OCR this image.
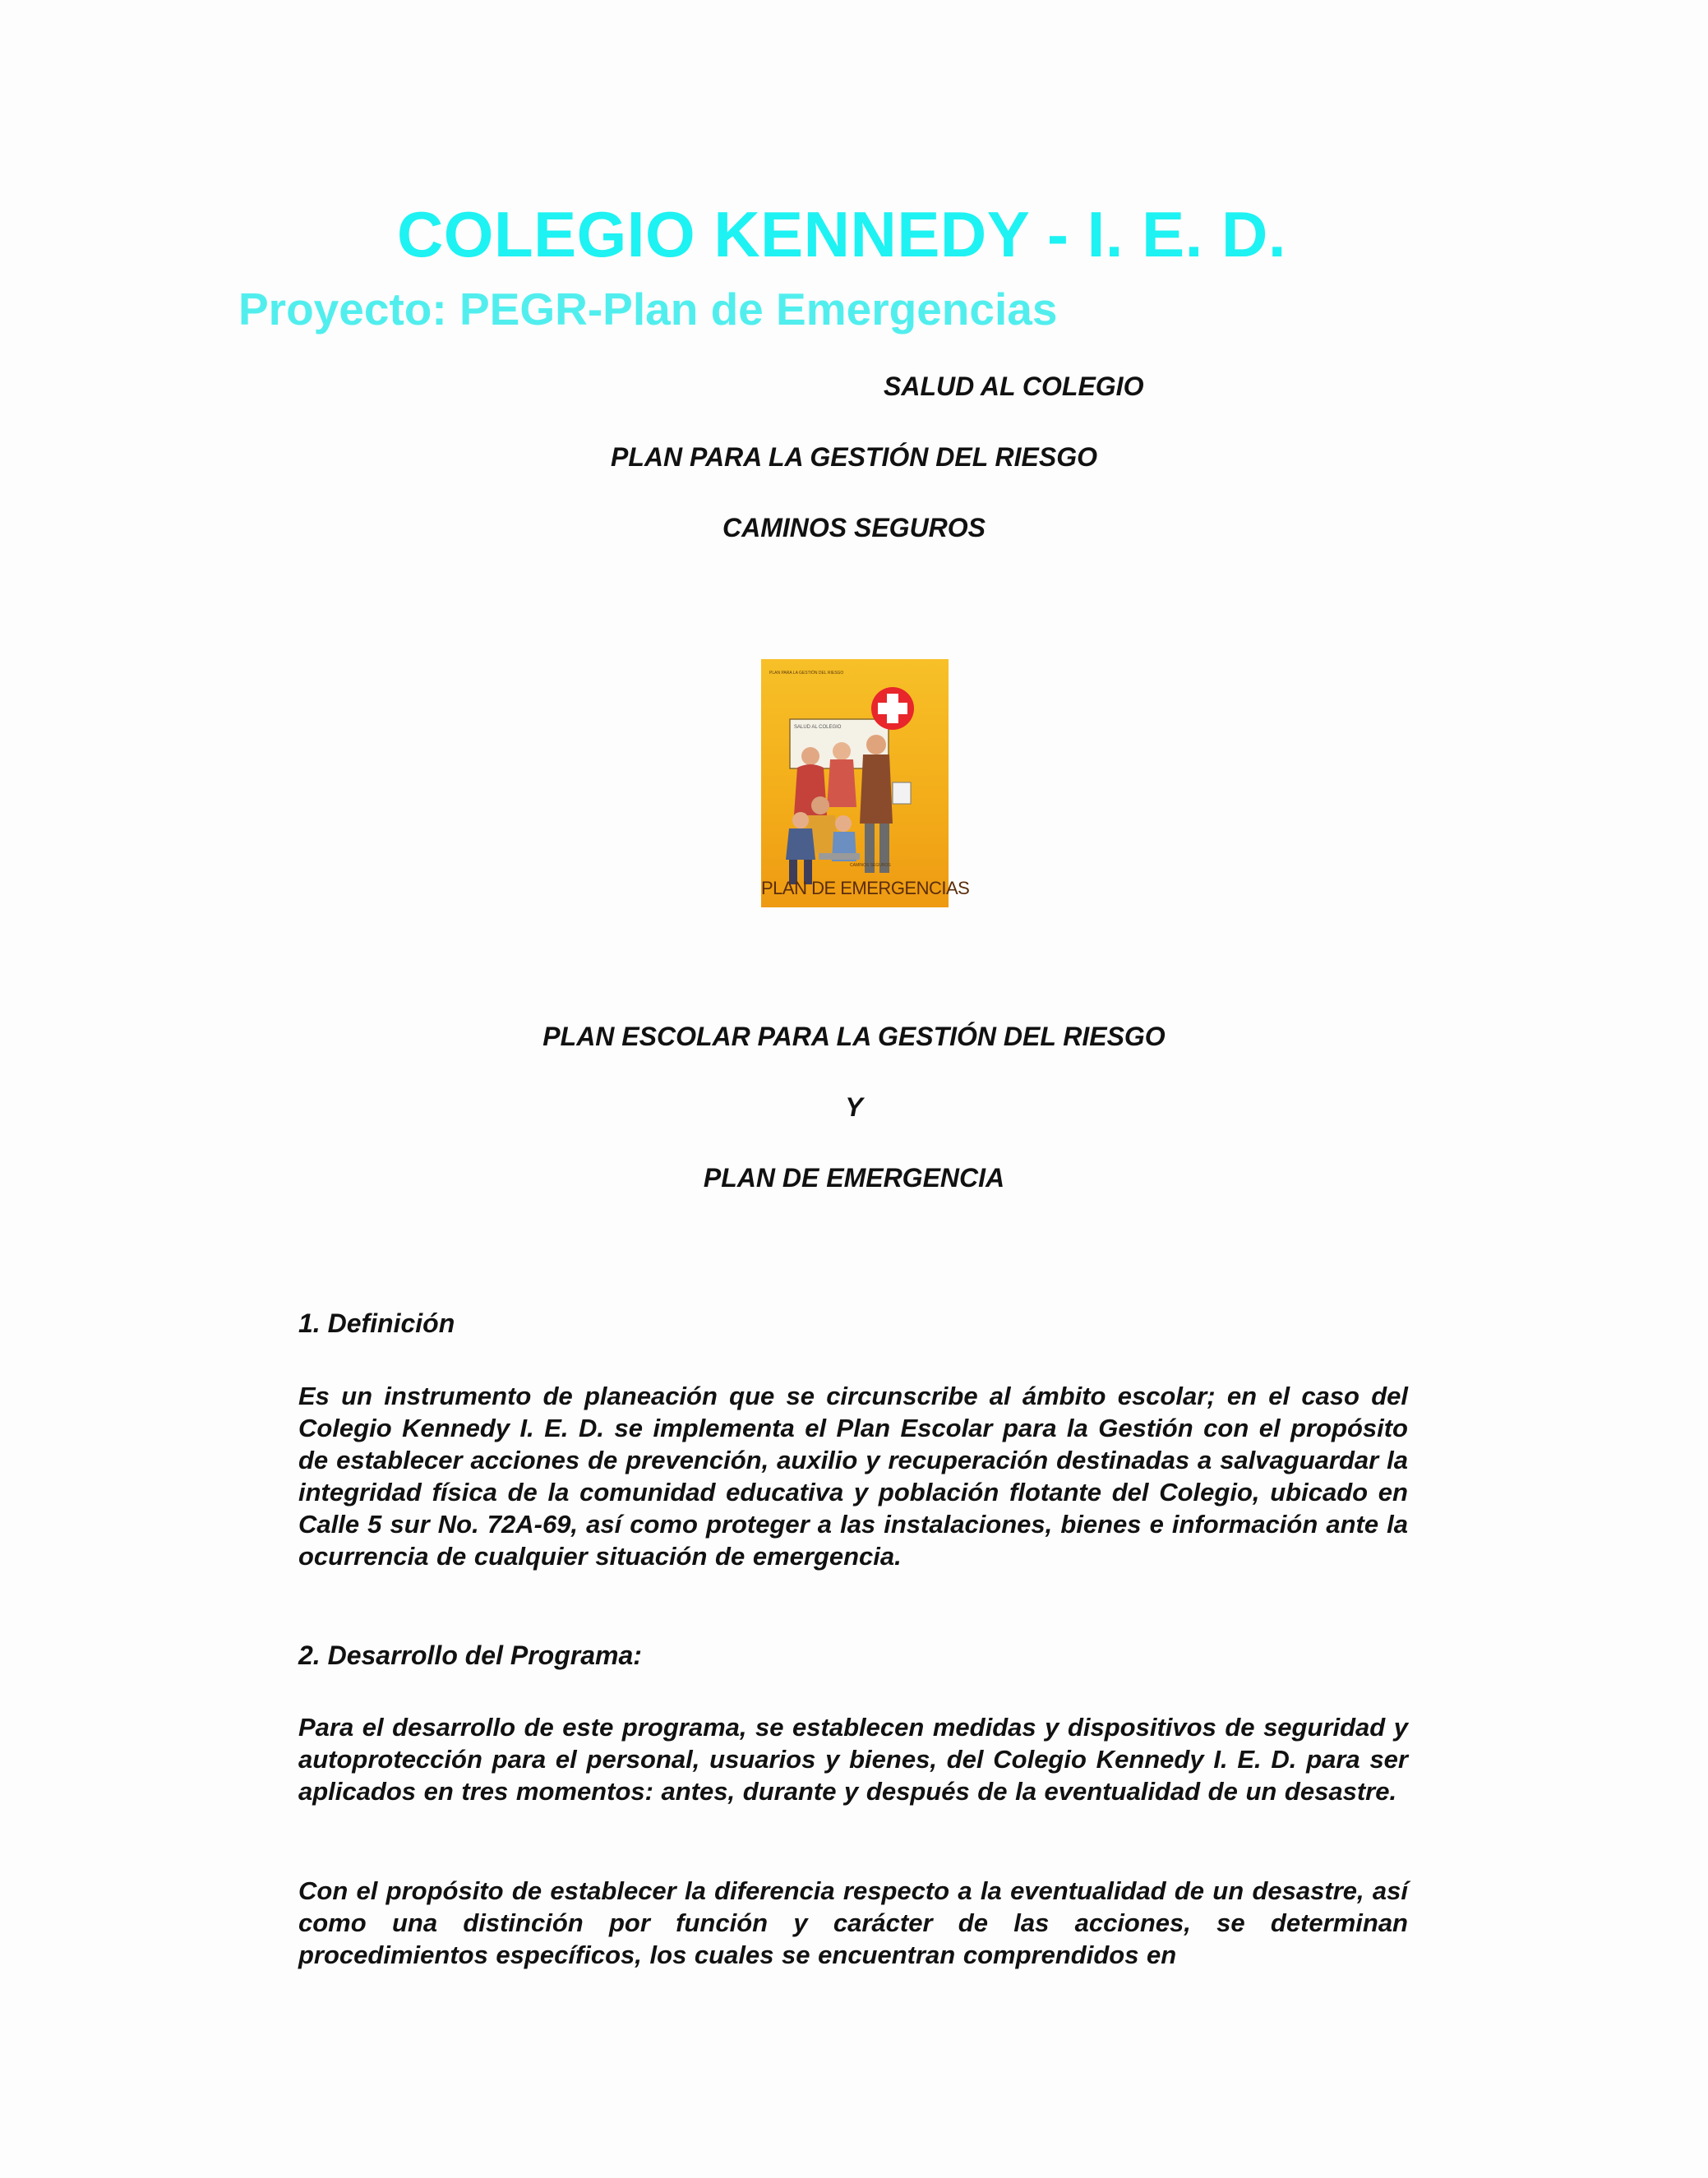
COLEGIO KENNEDY - I. E. D.
Proyecto: PEGR-Plan de Emergencias
SALUD AL COLEGIO
PLAN PARA LA GESTIÓN DEL RIESGO
CAMINOS SEGUROS
PLAN PARA LA GESTIÓN DEL RIESGO
SALUD AL COLEGIO
CAMINOS SEGUROS
PLAN DE EMERGENCIAS
PLAN ESCOLAR PARA LA GESTIÓN DEL RIESGO
Y
PLAN DE EMERGENCIA
1. Definición
Es un instrumento de planeación que se circunscribe al ámbito escolar; en el caso del Colegio Kennedy I. E. D. se implementa el Plan Escolar para la Gestión con el propósito de establecer acciones de prevención, auxilio y recuperación destinadas a salvaguardar la integridad física de la comunidad educativa y población flotante del Colegio, ubicado en Calle 5 sur No. 72A-69, así como proteger a las instalaciones, bienes e información ante la ocurrencia de cualquier situación de emergencia.
2. Desarrollo del Programa:
Para el desarrollo de este programa, se establecen medidas y dispositivos de seguridad y autoprotección para el personal, usuarios y bienes, del Colegio Kennedy I. E. D. para ser aplicados en tres momentos: antes, durante y después de la eventualidad de un desastre.
Con el propósito de establecer la diferencia respecto a la eventualidad de un desastre, así como una distinción por función y carácter de las acciones, se determinan procedimientos específicos, los cuales se encuentran comprendidos en
